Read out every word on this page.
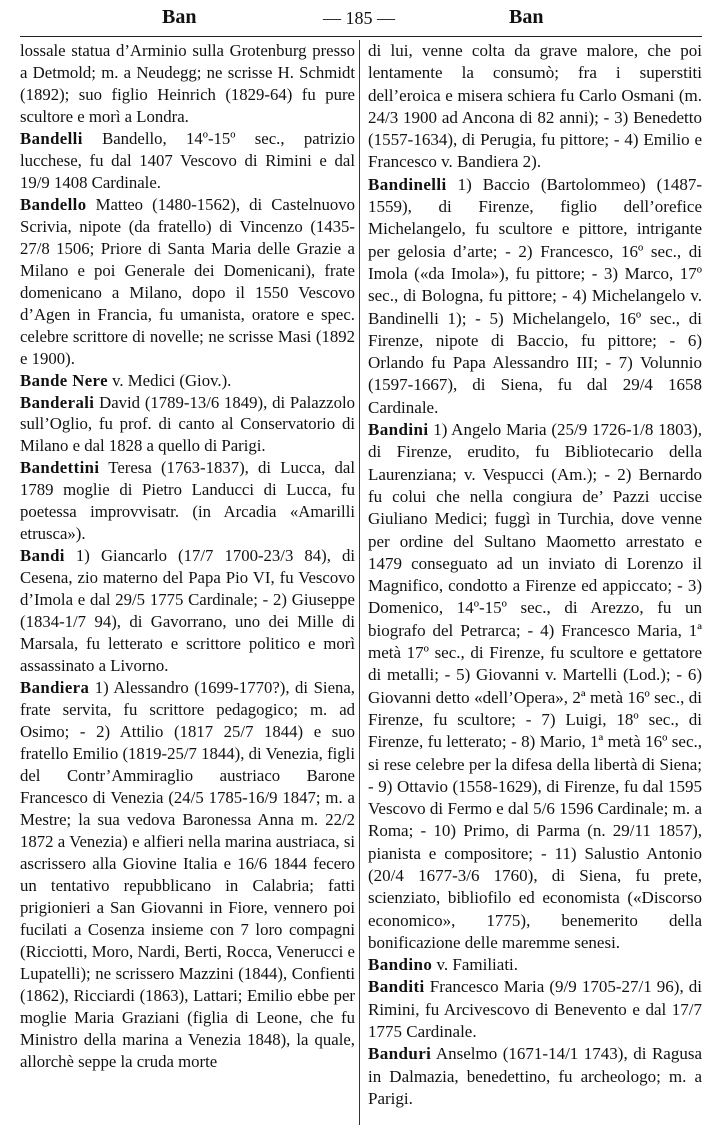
Ban	— 185 —	Ban

lossale statua d’Arminio sulla Grotenburg presso a Detmold; m. a Neudegg; ne scrisse H. Schmidt (1892); suo figlio Heinrich (1829-64) fu pure scultore e morì a Londra.

Bandelli Bandello, 14º-15º sec., patrizio lucchese, fu dal 1407 Vescovo di Rimini e dal 19/9 1408 Cardinale.

Bandello Matteo (1480-1562), di Castelnuovo Scrivia, nipote (da fratello) di Vincenzo (1435-27/8 1506; Priore di Santa Maria delle Grazie a Milano e poi Generale dei Domenicani), frate domenicano a Milano, dopo il 1550 Vescovo d’Agen in Francia, fu umanista, oratore e spec. celebre scrittore di novelle; ne scrisse Masi (1892 e 1900).

Bande Nere v. Medici (Giov.).

Banderali David (1789-13/6 1849), di Palazzolo sull’Oglio, fu prof. di canto al Conservatorio di Milano e dal 1828 a quello di Parigi.

Bandettini Teresa (1763-1837), di Lucca, dal 1789 moglie di Pietro Landucci di Lucca, fu poetessa improvvisatr. (in Arcadia «Amarilli etrusca»).

Bandi 1) Giancarlo (17/7 1700-23/3 84), di Cesena, zio materno del Papa Pio VI, fu Vescovo d’Imola e dal 29/5 1775 Cardinale; - 2) Giuseppe (1834-1/7 94), di Gavorrano, uno dei Mille di Marsala, fu letterato e scrittore politico e morì assassinato a Livorno.

Bandiera 1) Alessandro (1699-1770?), di Siena, frate servita, fu scrittore pedagogico; m. ad Osimo; - 2) Attilio (1817 25/7 1844) e suo fratello Emilio (1819-25/7 1844), di Venezia, figli del Contr’Ammiraglio austriaco Barone Francesco di Venezia (24/5 1785-16/9 1847; m. a Mestre; la sua vedova Baronessa Anna m. 22/2 1872 a Venezia) e alfieri nella marina austriaca, si ascrissero alla Giovine Italia e 16/6 1844 fecero un tentativo repubblicano in Calabria; fatti prigionieri a San Giovanni in Fiore, vennero poi fucilati a Cosenza insieme con 7 loro compagni (Ricciotti, Moro, Nardi, Berti, Rocca, Venerucci e Lupatelli); ne scrissero Mazzini (1844), Confienti (1862), Ricciardi (1863), Lattari; Emilio ebbe per moglie Maria Graziani (figlia di Leone, che fu Ministro della marina a Venezia 1848), la quale, allorchè seppe la cruda morte

di lui, venne colta da grave malore, che poi lentamente la consumò; fra i superstiti dell’eroica e misera schiera fu Carlo Osmani (m. 24/3 1900 ad Ancona di 82 anni); - 3) Benedetto (1557-1634), di Perugia, fu pittore; - 4) Emilio e Francesco v. Bandiera 2).

Bandinelli 1) Baccio (Bartolommeo) (1487-1559), di Firenze, figlio dell’orefice Michelangelo, fu scultore e pittore, intrigante per gelosia d’arte; - 2) Francesco, 16º sec., di Imola («da Imola»), fu pittore; - 3) Marco, 17º sec., di Bologna, fu pittore; - 4) Michelangelo v. Bandinelli 1); - 5) Michelangelo, 16º sec., di Firenze, nipote di Baccio, fu pittore; - 6) Orlando fu Papa Alessandro III; - 7) Volunnio (1597-1667), di Siena, fu dal 29/4 1658 Cardinale.

Bandini 1) Angelo Maria (25/9 1726-1/8 1803), di Firenze, erudito, fu Bibliotecario della Laurenziana; v. Vespucci (Am.); - 2) Bernardo fu colui che nella congiura de’ Pazzi uccise Giuliano Medici; fuggì in Turchia, dove venne per ordine del Sultano Maometto arrestato e 1479 conseguato ad un inviato di Lorenzo il Magnifico, condotto a Firenze ed appiccato; - 3) Domenico, 14º-15º sec., di Arezzo, fu un biografo del Petrarca; - 4) Francesco Maria, 1ª metà 17º sec., di Firenze, fu scultore e gettatore di metalli; - 5) Giovanni v. Martelli (Lod.); - 6) Giovanni detto «dell’Opera», 2ª metà 16º sec., di Firenze, fu scultore; - 7) Luigi, 18º sec., di Firenze, fu letterato; - 8) Mario, 1ª metà 16º sec., si rese celebre per la difesa della libertà di Siena; - 9) Ottavio (1558-1629), di Firenze, fu dal 1595 Vescovo di Fermo e dal 5/6 1596 Cardinale; m. a Roma; - 10) Primo, di Parma (n. 29/11 1857), pianista e compositore; - 11) Salustio Antonio (20/4 1677-3/6 1760), di Siena, fu prete, scienziato, bibliofilo ed economista («Discorso economico», 1775), benemerito della bonificazione delle maremme senesi.

Bandino v. Familiati.

Banditi Francesco Maria (9/9 1705-27/1 96), di Rimini, fu Arcivescovo di Benevento e dal 17/7 1775 Cardinale.

Banduri Anselmo (1671-14/1 1743), di Ragusa in Dalmazia, benedettino, fu archeologo; m. a Parigi.
